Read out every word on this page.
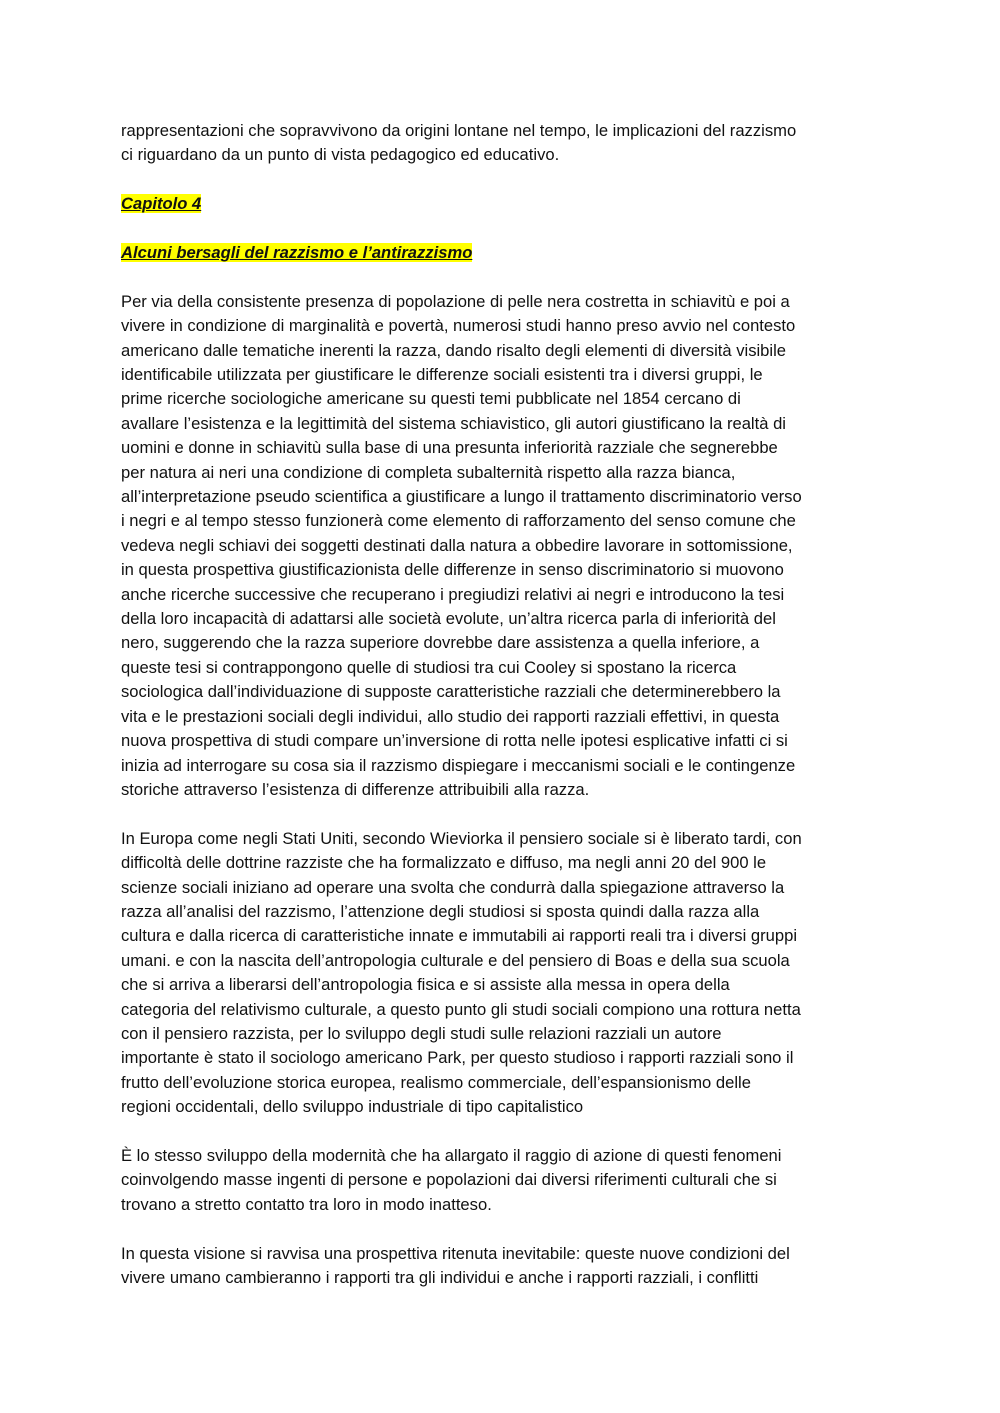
rappresentazioni che sopravvivono da origini lontane nel tempo, le implicazioni del razzismo
ci riguardano da un punto di vista pedagogico ed educativo.

Capitolo 4

Alcuni bersagli del razzismo e l’antirazzismo

Per via della consistente presenza di popolazione di pelle nera costretta in schiavitù e poi a
vivere in condizione di marginalità e povertà, numerosi studi hanno preso avvio nel contesto
americano dalle tematiche inerenti la razza, dando risalto degli elementi di diversità visibile
identificabile utilizzata per giustificare le differenze sociali esistenti tra i diversi gruppi, le
prime ricerche sociologiche americane su questi temi pubblicate nel 1854 cercano di
avallare l’esistenza e la legittimità del sistema schiavistico, gli autori giustificano la realtà di
uomini e donne in schiavitù sulla base di una presunta inferiorità razziale che segnerebbe
per natura ai neri una condizione di completa subalternità rispetto alla razza bianca,
all’interpretazione pseudo scientifica a giustificare a lungo il trattamento discriminatorio verso
i negri e al tempo stesso funzionerà come elemento di rafforzamento del senso comune che
vedeva negli schiavi dei soggetti destinati dalla natura a obbedire lavorare in sottomissione,
in questa prospettiva giustificazionista delle differenze in senso discriminatorio si muovono
anche ricerche successive che recuperano i pregiudizi relativi ai negri e introducono la tesi
della loro incapacità di adattarsi alle società evolute, un’altra ricerca parla di inferiorità del
nero, suggerendo che la razza superiore dovrebbe dare assistenza a quella inferiore, a
queste tesi si contrappongono quelle di studiosi tra cui Cooley si spostano la ricerca
sociologica dall’individuazione di supposte caratteristiche razziali che determinerebbero la
vita e le prestazioni sociali degli individui, allo studio dei rapporti razziali effettivi, in questa
nuova prospettiva di studi compare un’inversione di rotta nelle ipotesi esplicative infatti ci si
inizia ad interrogare su cosa sia il razzismo dispiegare i meccanismi sociali e le contingenze
storiche attraverso l’esistenza di differenze attribuibili alla razza.

In Europa come negli Stati Uniti, secondo Wieviorka il pensiero sociale si è liberato tardi, con
difficoltà delle dottrine razziste che ha formalizzato e diffuso, ma negli anni 20 del 900 le
scienze sociali iniziano ad operare una svolta che condurrà dalla spiegazione attraverso la
razza all’analisi del razzismo, l’attenzione degli studiosi si sposta quindi dalla razza alla
cultura e dalla ricerca di caratteristiche innate e immutabili ai rapporti reali tra i diversi gruppi
umani. e con la nascita dell’antropologia culturale e del pensiero di Boas e della sua scuola
che si arriva a liberarsi dell’antropologia fisica e si assiste alla messa in opera della
categoria del relativismo culturale, a questo punto gli studi sociali compiono una rottura netta
con il pensiero razzista, per lo sviluppo degli studi sulle relazioni razziali un autore
importante è stato il sociologo americano Park, per questo studioso i rapporti razziali sono il
frutto dell’evoluzione storica europea, realismo commerciale, dell’espansionismo delle
regioni occidentali, dello sviluppo industriale di tipo capitalistico

È lo stesso sviluppo della modernità che ha allargato il raggio di azione di questi fenomeni
coinvolgendo masse ingenti di persone e popolazioni dai diversi riferimenti culturali che si
trovano a stretto contatto tra loro in modo inatteso.

In questa visione si ravvisa una prospettiva ritenuta inevitabile: queste nuove condizioni del
vivere umano cambieranno i rapporti tra gli individui e anche i rapporti razziali, i conflitti
